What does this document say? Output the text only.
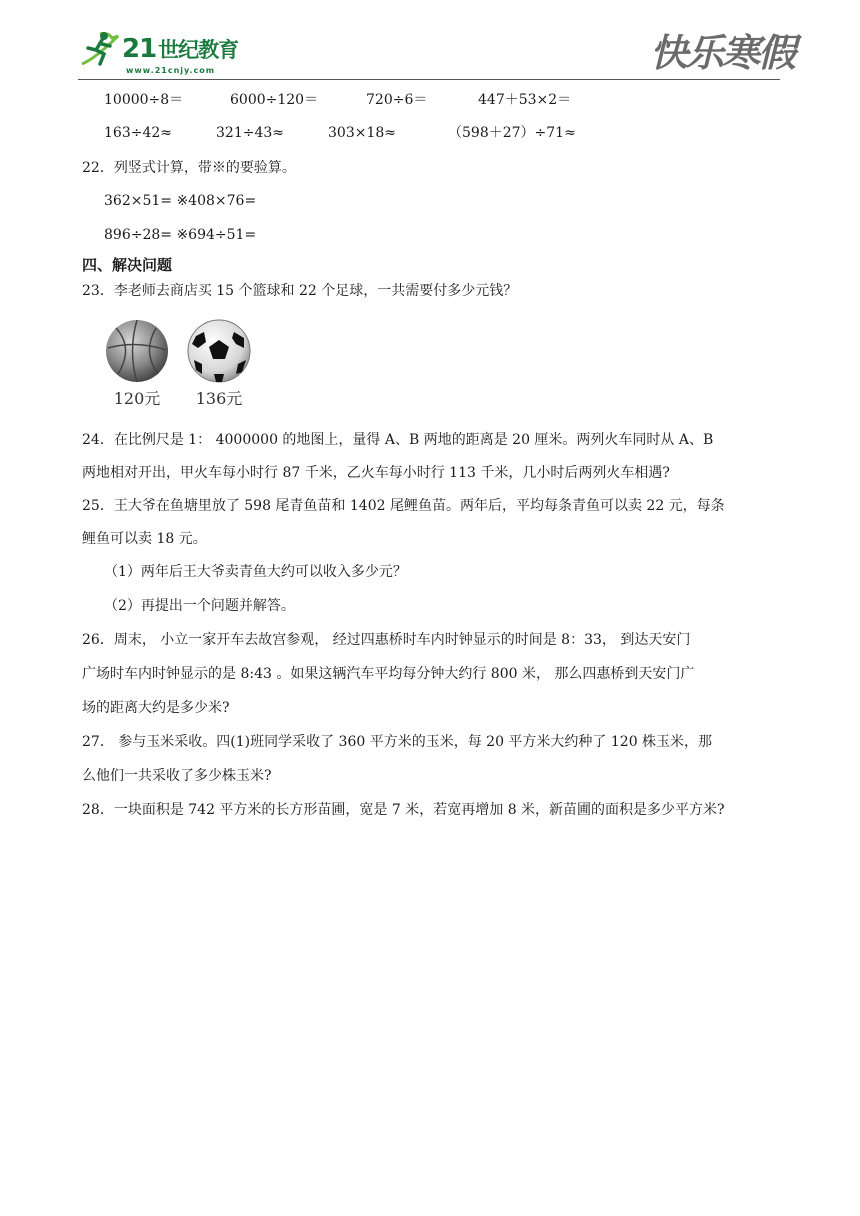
21世纪教育
www.21cnjy.com	快乐寒假
10000÷8＝	6000÷120＝	720÷6＝	447＋53×2＝
163÷42≈	321÷43≈	303×18≈	（598＋27）÷71≈
22．列竖式计算，带※的要验算。
362×51= ※408×76=
896÷28= ※694÷51=
四、解决问题
23．李老师去商店买 15 个篮球和 22 个足球，一共需要付多少元钱？
120元	136元
24．在比例尺是 1： 4000000 的地图上，量得 A、B 两地的距离是 20 厘米。两列火车同时从 A、B
两地相对开出，甲火车每小时行 87 千米，乙火车每小时行 113 千米，几小时后两列火车相遇?
25．王大爷在鱼塘里放了 598 尾青鱼苗和 1402 尾鲤鱼苗。两年后，平均每条青鱼可以卖 22 元，每条
鲤鱼可以卖 18 元。
（1）两年后王大爷卖青鱼大约可以收入多少元？
（2）再提出一个问题并解答。
26．周末， 小立一家开车去故宫参观， 经过四惠桥时车内时钟显示的时间是 8：33， 到达天安门
广场时车内时钟显示的是 8:43 。如果这辆汽车平均每分钟大约行 800 米， 那么四惠桥到天安门广
场的距离大约是多少米?
27． 参与玉米采收。四(1)班同学采收了 360 平方米的玉米，每 20 平方米大约种了 120 株玉米，那
么他们一共采收了多少株玉米?
28．一块面积是 742 平方米的长方形苗圃，宽是 7 米，若宽再增加 8 米，新苗圃的面积是多少平方米?
